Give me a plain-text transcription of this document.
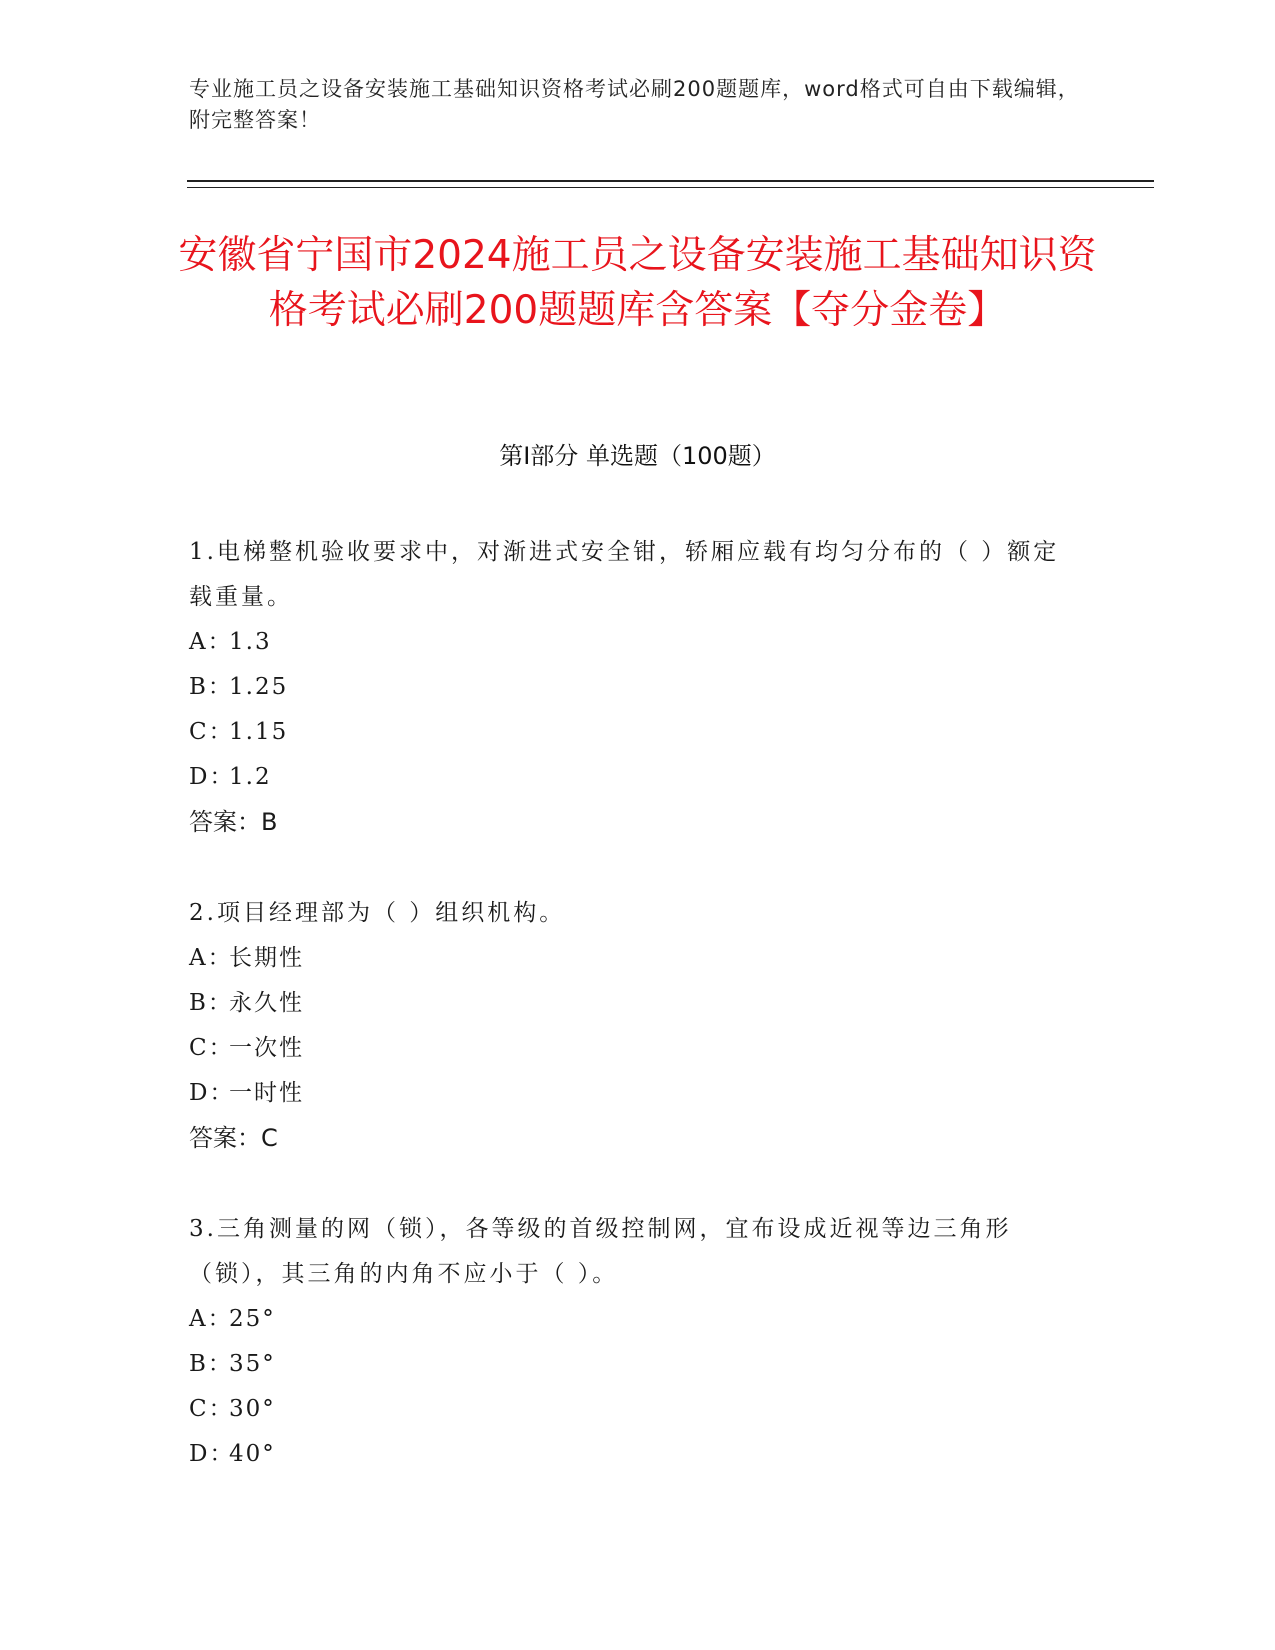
专业施工员之设备安装施工基础知识资格考试必刷200题题库，word格式可自由下载编辑，附完整答案！
安徽省宁国市2024施工员之设备安装施工基础知识资格考试必刷200题题库含答案【夺分金卷】
第I部分 单选题（100题）

1.电梯整机验收要求中，对渐进式安全钳，轿厢应载有均匀分布的（ ）额定载重量。

A：1.3

B：1.25

C：1.15

D：1.2

答案：B

2.项目经理部为（ ）组织机构。

A：长期性

B：永久性

C：一次性

D：一时性

答案：C

3.三角测量的网（锁），各等级的首级控制网，宜布设成近视等边三角形（锁），其三角的内角不应小于（ ）。

A：25°

B：35°

C：30°

D：40°
